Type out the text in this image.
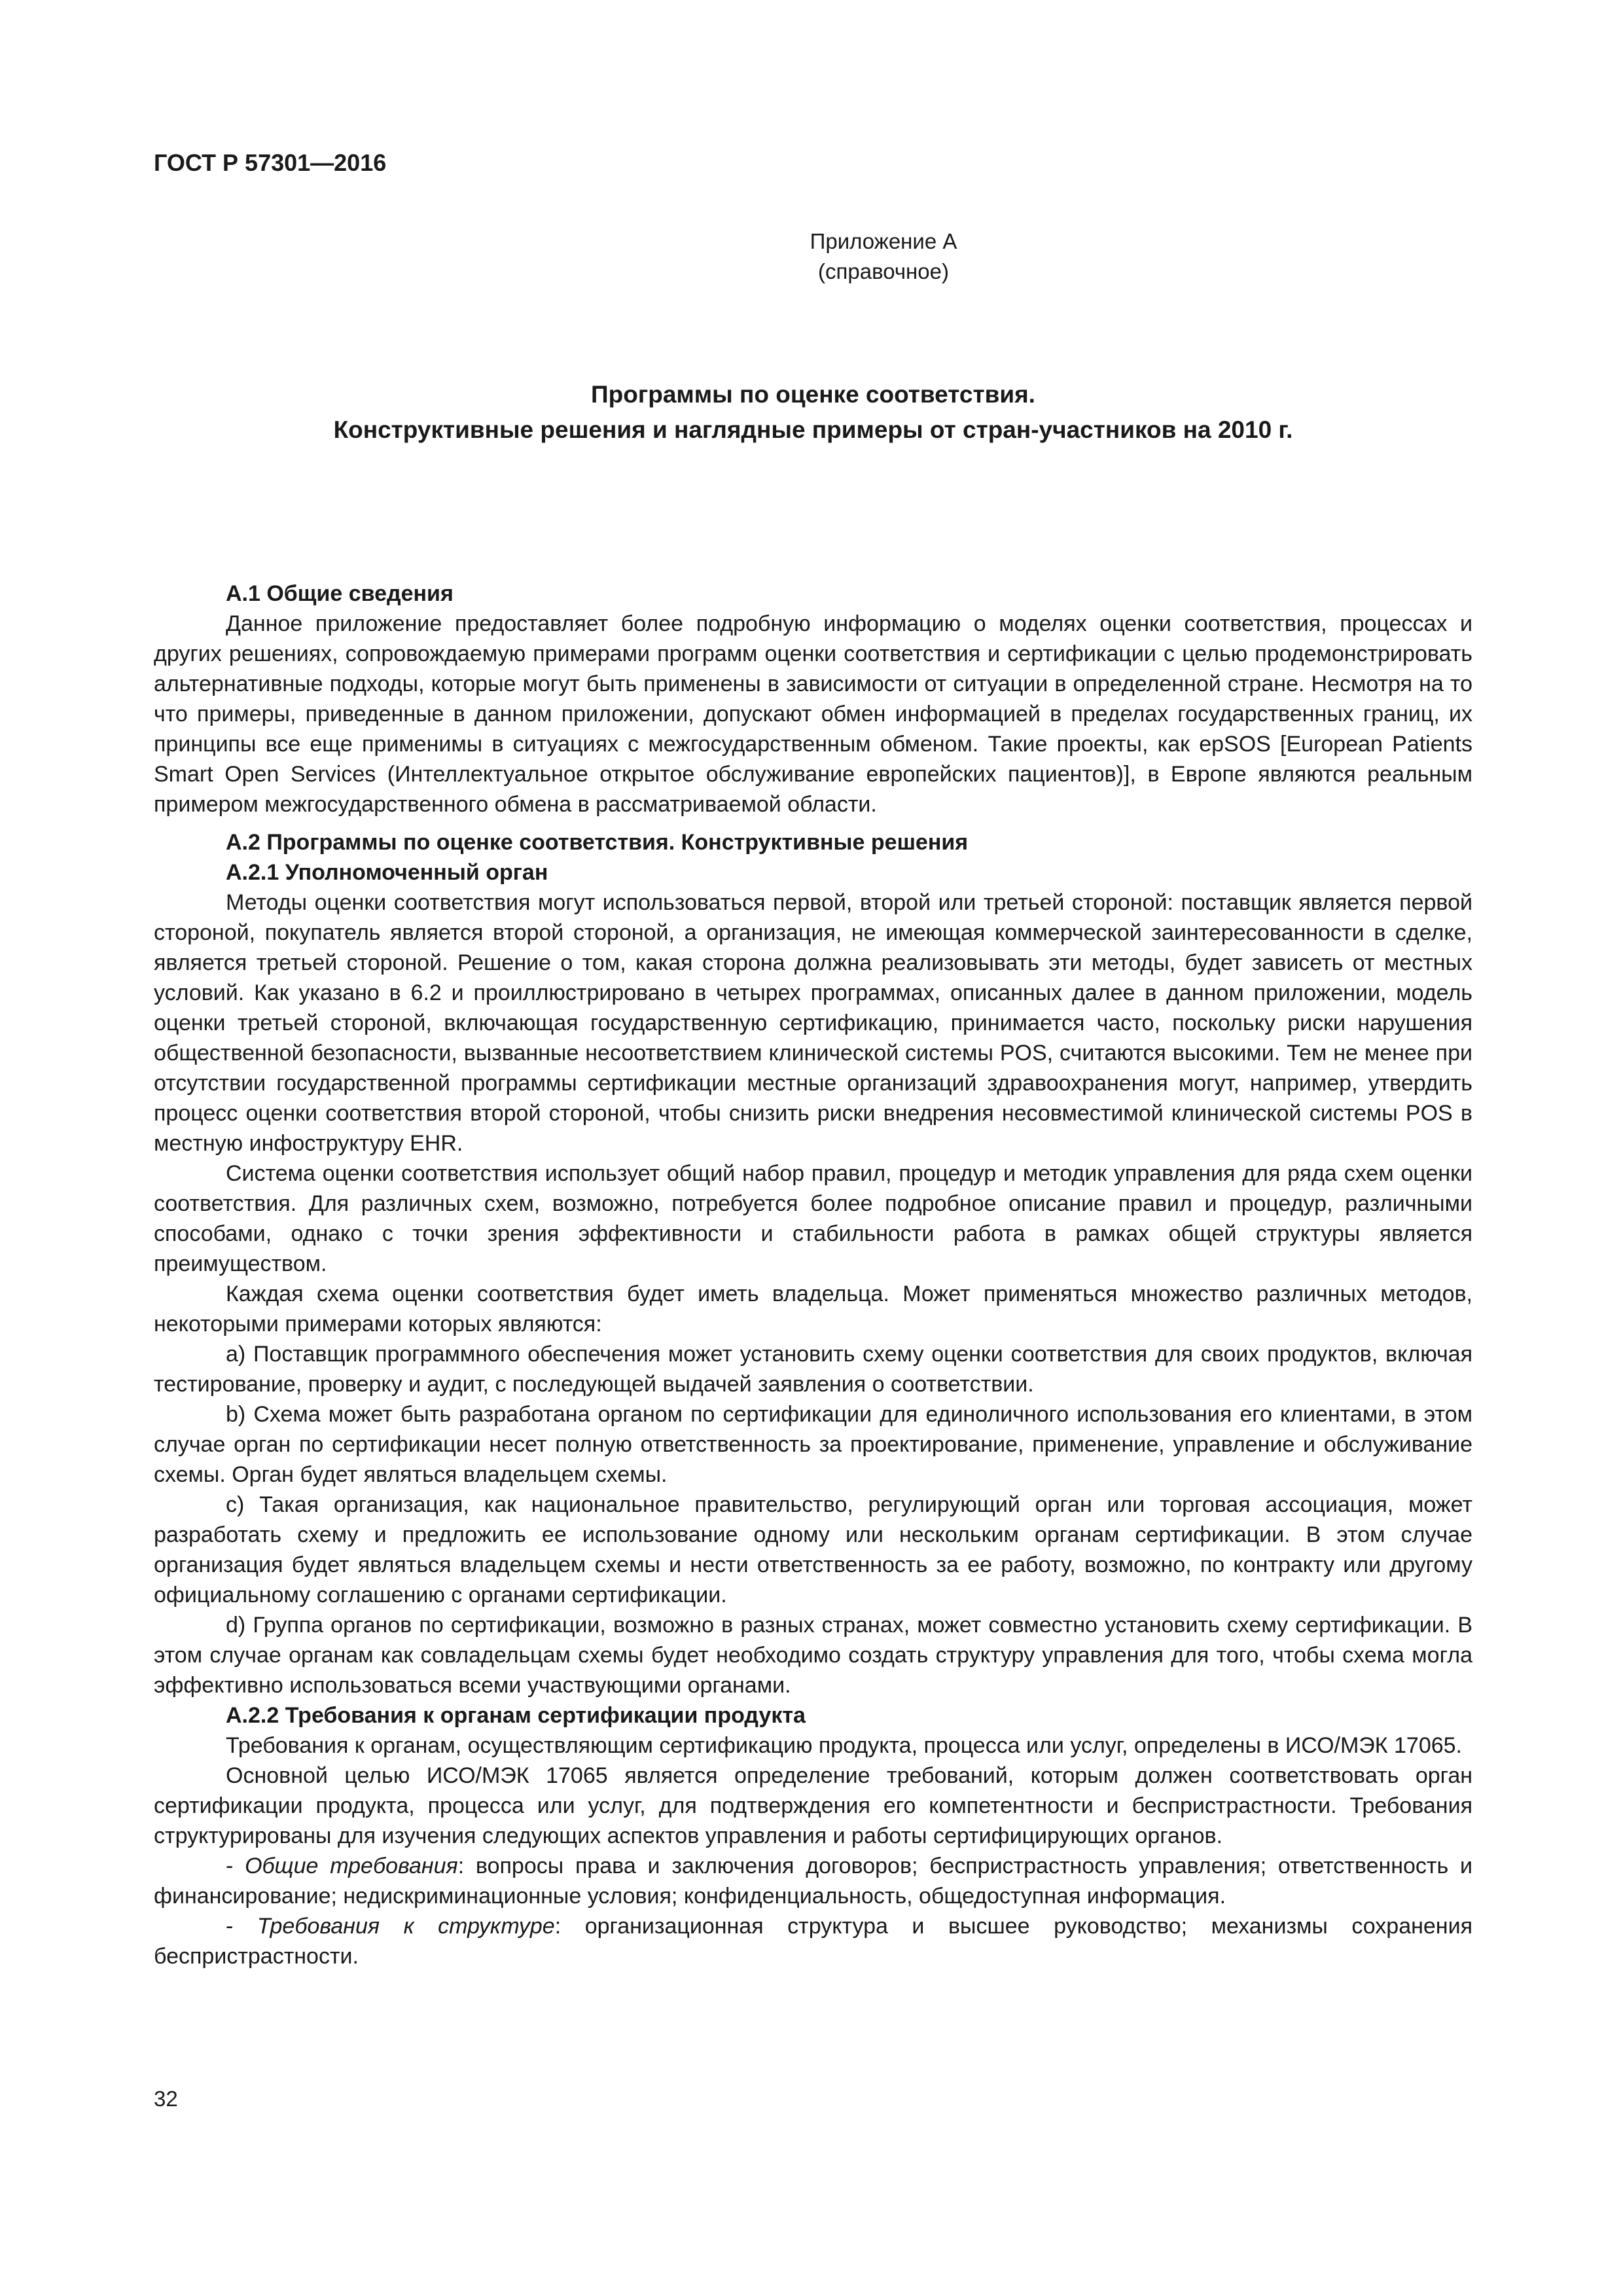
ГОСТ Р 57301—2016
Приложение А
(справочное)
Программы по оценке соответствия.
Конструктивные решения и наглядные примеры от стран-участников на 2010 г.

А.1 Общие сведения

Данное приложение предоставляет более подробную информацию о моделях оценки соответствия, процессах и других решениях, сопровождаемую примерами программ оценки соответствия и сертификации с целью продемонстрировать альтернативные подходы, которые могут быть применены в зависимости от ситуации в определенной стране. Несмотря на то что примеры, приведенные в данном приложении, допускают обмен информацией в пределах государственных границ, их принципы все еще применимы в ситуациях с межгосударственным обменом. Такие проекты, как epSOS [European Patients Smart Open Services (Интеллектуальное открытое обслуживание европейских пациентов)], в Европе являются реальным примером межгосударственного обмена в рассматриваемой области.

А.2 Программы по оценке соответствия. Конструктивные решения

А.2.1 Уполномоченный орган

Методы оценки соответствия могут использоваться первой, второй или третьей стороной: поставщик является первой стороной, покупатель является второй стороной, а организация, не имеющая коммерческой заинтересованности в сделке, является третьей стороной. Решение о том, какая сторона должна реализовывать эти методы, будет зависеть от местных условий. Как указано в 6.2 и проиллюстрировано в четырех программах, описанных далее в данном приложении, модель оценки третьей стороной, включающая государственную сертификацию, принимается часто, поскольку риски нарушения общественной безопасности, вызванные несоответствием клинической системы POS, считаются высокими. Тем не менее при отсутствии государственной программы сертификации местные организаций здравоохранения могут, например, утвердить процесс оценки соответствия второй стороной, чтобы снизить риски внедрения несовместимой клинической системы POS в местную инфоструктуру EHR.

Система оценки соответствия использует общий набор правил, процедур и методик управления для ряда схем оценки соответствия. Для различных схем, возможно, потребуется более подробное описание правил и процедур, различными способами, однако с точки зрения эффективности и стабильности работа в рамках общей структуры является преимуществом.

Каждая схема оценки соответствия будет иметь владельца. Может применяться множество различных методов, некоторыми примерами которых являются:

a) Поставщик программного обеспечения может установить схему оценки соответствия для своих продуктов, включая тестирование, проверку и аудит, с последующей выдачей заявления о соответствии.

b) Схема может быть разработана органом по сертификации для единоличного использования его клиентами, в этом случае орган по сертификации несет полную ответственность за проектирование, применение, управление и обслуживание схемы. Орган будет являться владельцем схемы.

c) Такая организация, как национальное правительство, регулирующий орган или торговая ассоциация, может разработать схему и предложить ее использование одному или нескольким органам сертификации. В этом случае организация будет являться владельцем схемы и нести ответственность за ее работу, возможно, по контракту или другому официальному соглашению с органами сертификации.

d) Группа органов по сертификации, возможно в разных странах, может совместно установить схему сертификации. В этом случае органам как совладельцам схемы будет необходимо создать структуру управления для того, чтобы схема могла эффективно использоваться всеми участвующими органами.

А.2.2 Требования к органам сертификации продукта

Требования к органам, осуществляющим сертификацию продукта, процесса или услуг, определены в ИСО/МЭК 17065.

Основной целью ИСО/МЭК 17065 является определение требований, которым должен соответствовать орган сертификации продукта, процесса или услуг, для подтверждения его компетентности и беспристрастности. Требования структурированы для изучения следующих аспектов управления и работы сертифицирующих органов.

- Общие требования: вопросы права и заключения договоров; беспристрастность управления; ответственность и финансирование; недискриминационные условия; конфиденциальность, общедоступная информация.

- Требования к структуре: организационная структура и высшее руководство; механизмы сохранения беспристрастности.

32
